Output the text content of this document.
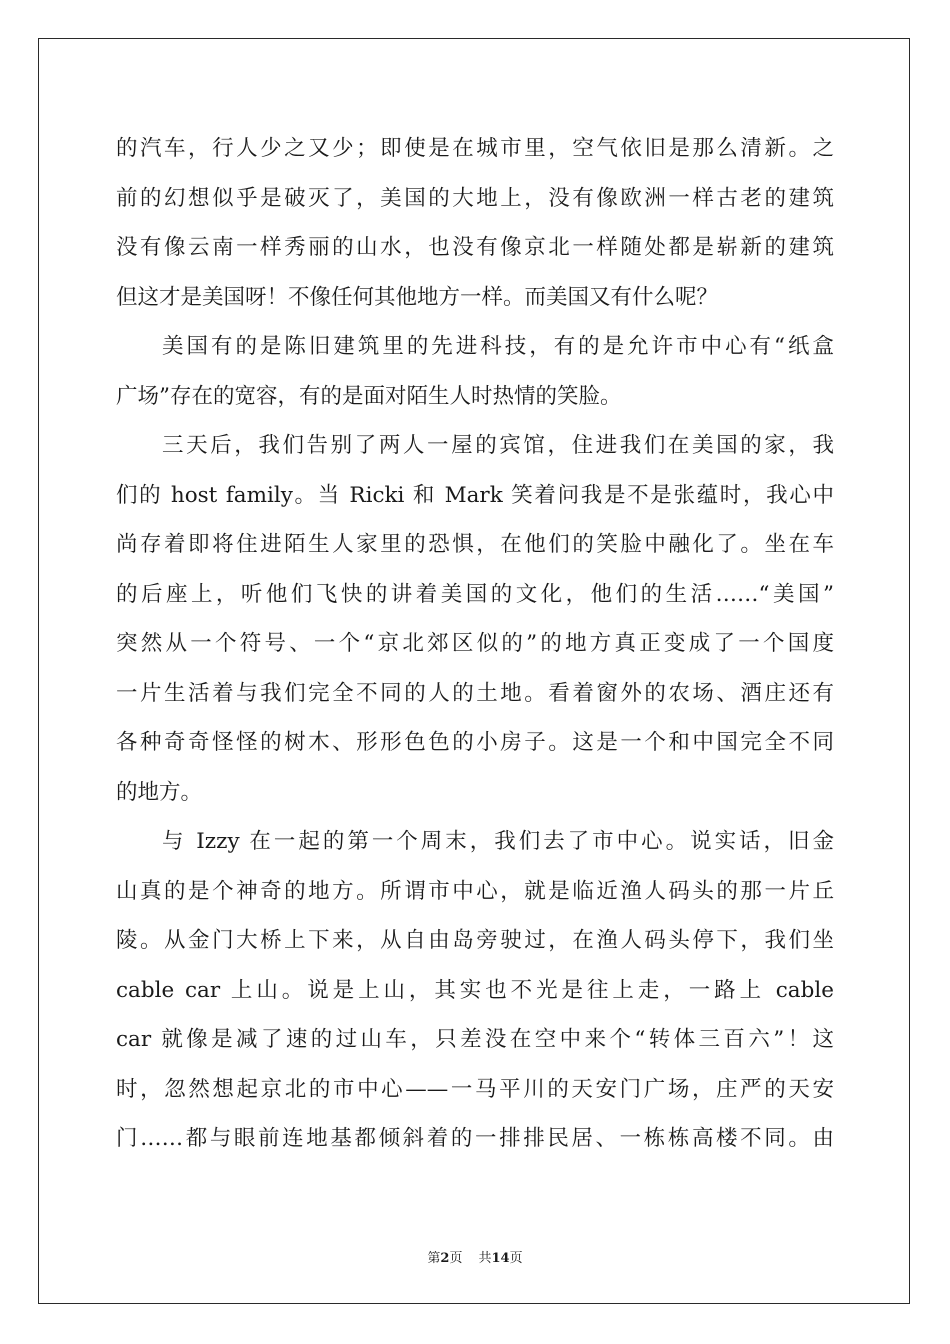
的汽车，行人少之又少；即使是在城市里，空气依旧是那么清新。之
前的幻想似乎是破灭了，美国的大地上，没有像欧洲一样古老的建筑
没有像云南一样秀丽的山水，也没有像京北一样随处都是崭新的建筑
但这才是美国呀！不像任何其他地方一样。而美国又有什么呢？
美国有的是陈旧建筑里的先进科技，有的是允许市中心有“纸盒
广场”存在的宽容，有的是面对陌生人时热情的笑脸。
三天后，我们告别了两人一屋的宾馆，住进我们在美国的家，我
们的 host family。当 Ricki 和 Mark 笑着问我是不是张蕴时，我心中
尚存着即将住进陌生人家里的恐惧，在他们的笑脸中融化了。坐在车
的后座上，听他们飞快的讲着美国的文化，他们的生活……“美国”
突然从一个符号、一个“京北郊区似的”的地方真正变成了一个国度
一片生活着与我们完全不同的人的土地。看着窗外的农场、酒庄还有
各种奇奇怪怪的树木、形形色色的小房子。这是一个和中国完全不同
的地方。
与 Izzy 在一起的第一个周末，我们去了市中心。说实话，旧金
山真的是个神奇的地方。所谓市中心，就是临近渔人码头的那一片丘
陵。从金门大桥上下来，从自由岛旁驶过，在渔人码头停下，我们坐
cable car 上山。说是上山，其实也不光是往上走，一路上 cable
car 就像是减了速的过山车，只差没在空中来个“转体三百六”！这
时，忽然想起京北的市中心——一马平川的天安门广场，庄严的天安
门……都与眼前连地基都倾斜着的一排排民居、一栋栋高楼不同。由
第2页 共14页
